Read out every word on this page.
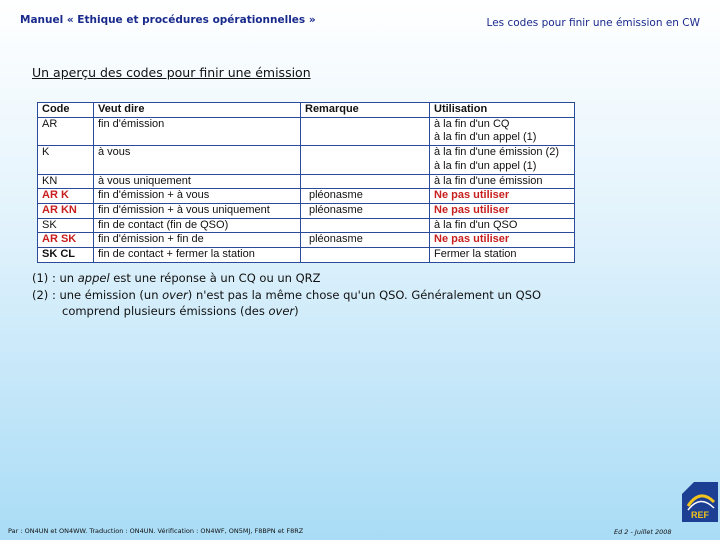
Manuel « Ethique et procédures opérationnelles »	Les codes pour finir une émission en CW
Un aperçu des codes pour finir une émission
Code	Veut dire	Remarque	Utilisation
AR	fin d'émission		à la fin d'un CQ
à la fin d'un appel (1)
K	à vous		à la fin d'une émission (2)
à la fin d'un appel (1)
KN	à vous uniquement		à la fin d'une émission
AR K	fin d'émission + à vous	pléonasme	Ne pas utiliser
AR KN	fin d'émission + à vous uniquement	pléonasme	Ne pas utiliser
SK	fin de contact (fin de QSO)		à la fin d'un QSO
AR SK	fin d'émission + fin de	pléonasme	Ne pas utiliser
SK CL	fin de contact + fermer la station		Fermer la station
(1) : un appel est une réponse à un CQ ou un QRZ
(2) : une émission (un over) n'est pas la même chose qu'un QSO. Généralement un QSO
comprend plusieurs émissions (des over)
Par : ON4UN et ON4WW. Traduction : ON4UN. Vérification : ON4WF, ON5MJ, F8BPN et F8RZ	Ed 2 - Juillet 2008
REF
